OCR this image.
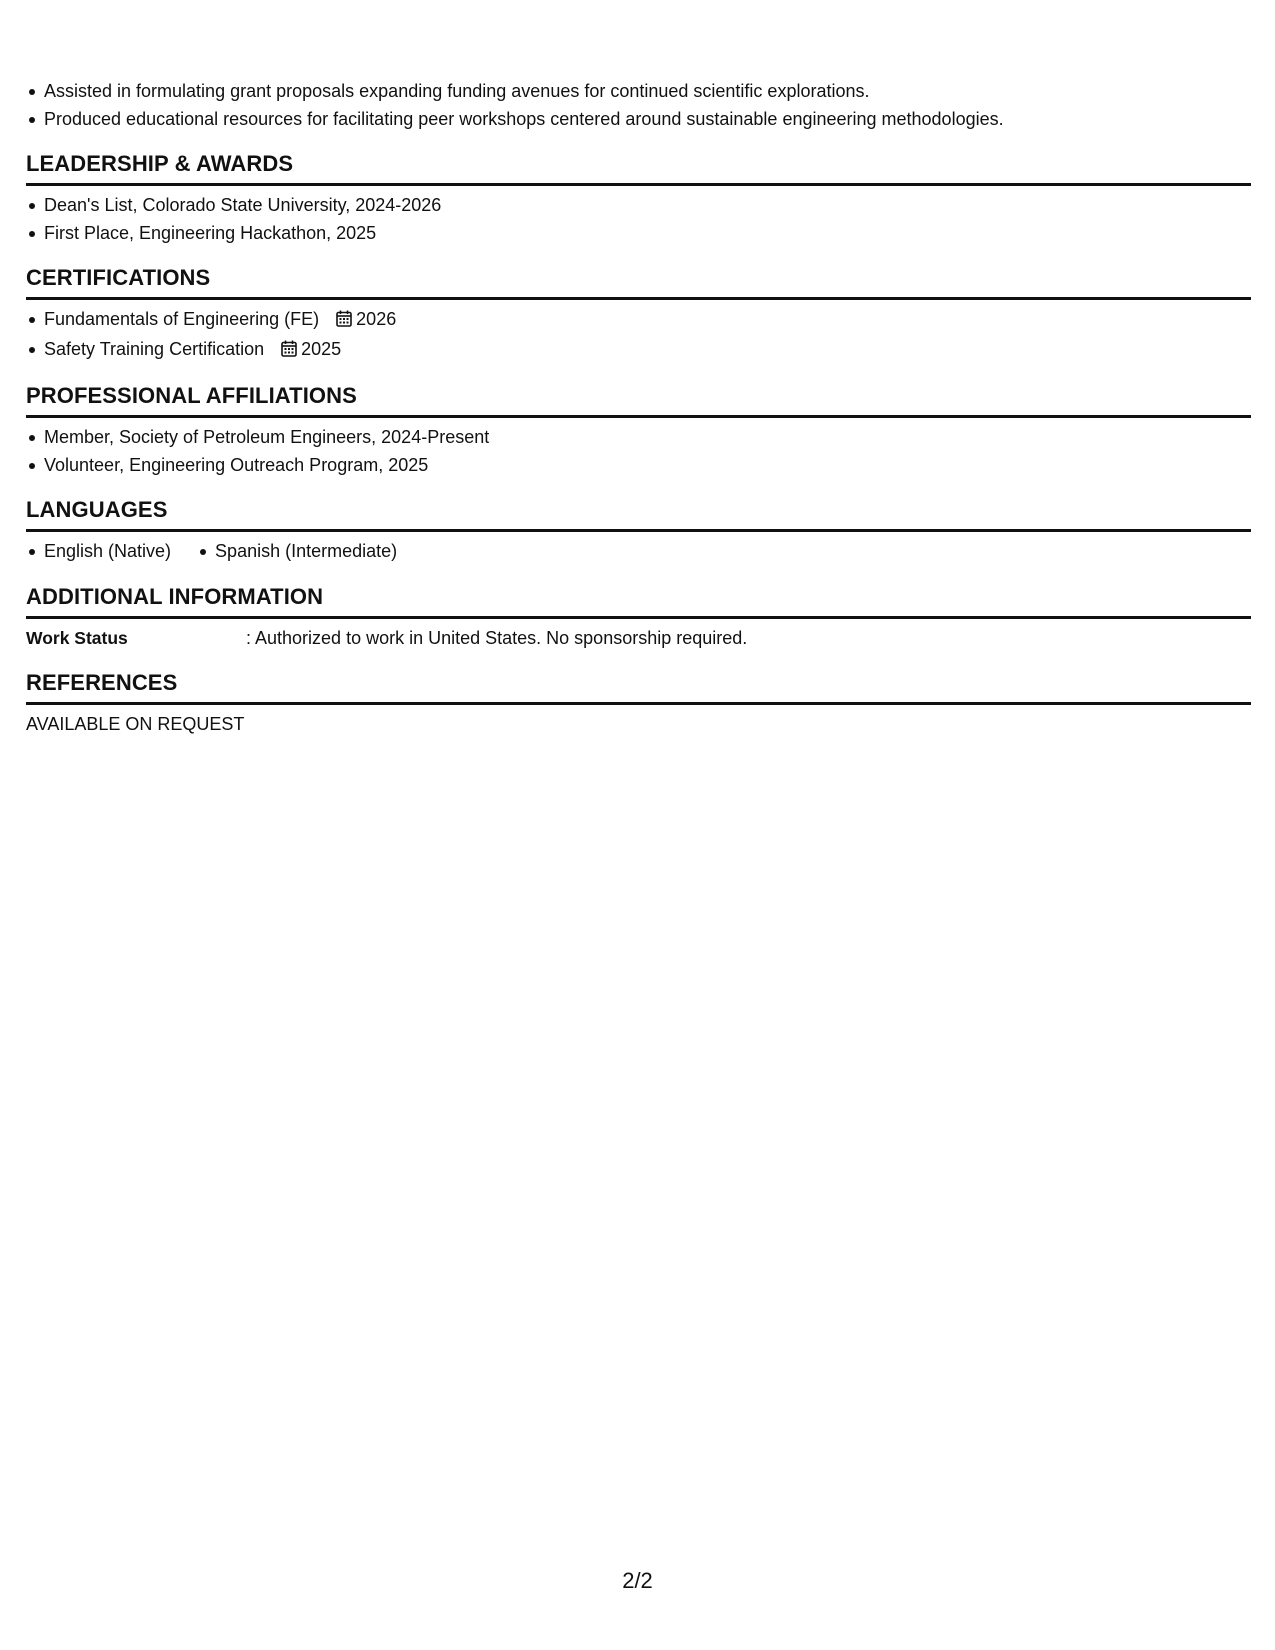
Assisted in formulating grant proposals expanding funding avenues for continued scientific explorations.
Produced educational resources for facilitating peer workshops centered around sustainable engineering methodologies.
LEADERSHIP & AWARDS
Dean's List, Colorado State University, 2024-2026
First Place, Engineering Hackathon, 2025
CERTIFICATIONS
Fundamentals of Engineering (FE) 2026
Safety Training Certification 2025
PROFESSIONAL AFFILIATIONS
Member, Society of Petroleum Engineers, 2024-Present
Volunteer, Engineering Outreach Program, 2025
LANGUAGES
English (Native)	Spanish (Intermediate)
ADDITIONAL INFORMATION
Work Status	: Authorized to work in United States. No sponsorship required.
REFERENCES
AVAILABLE ON REQUEST
2/2
